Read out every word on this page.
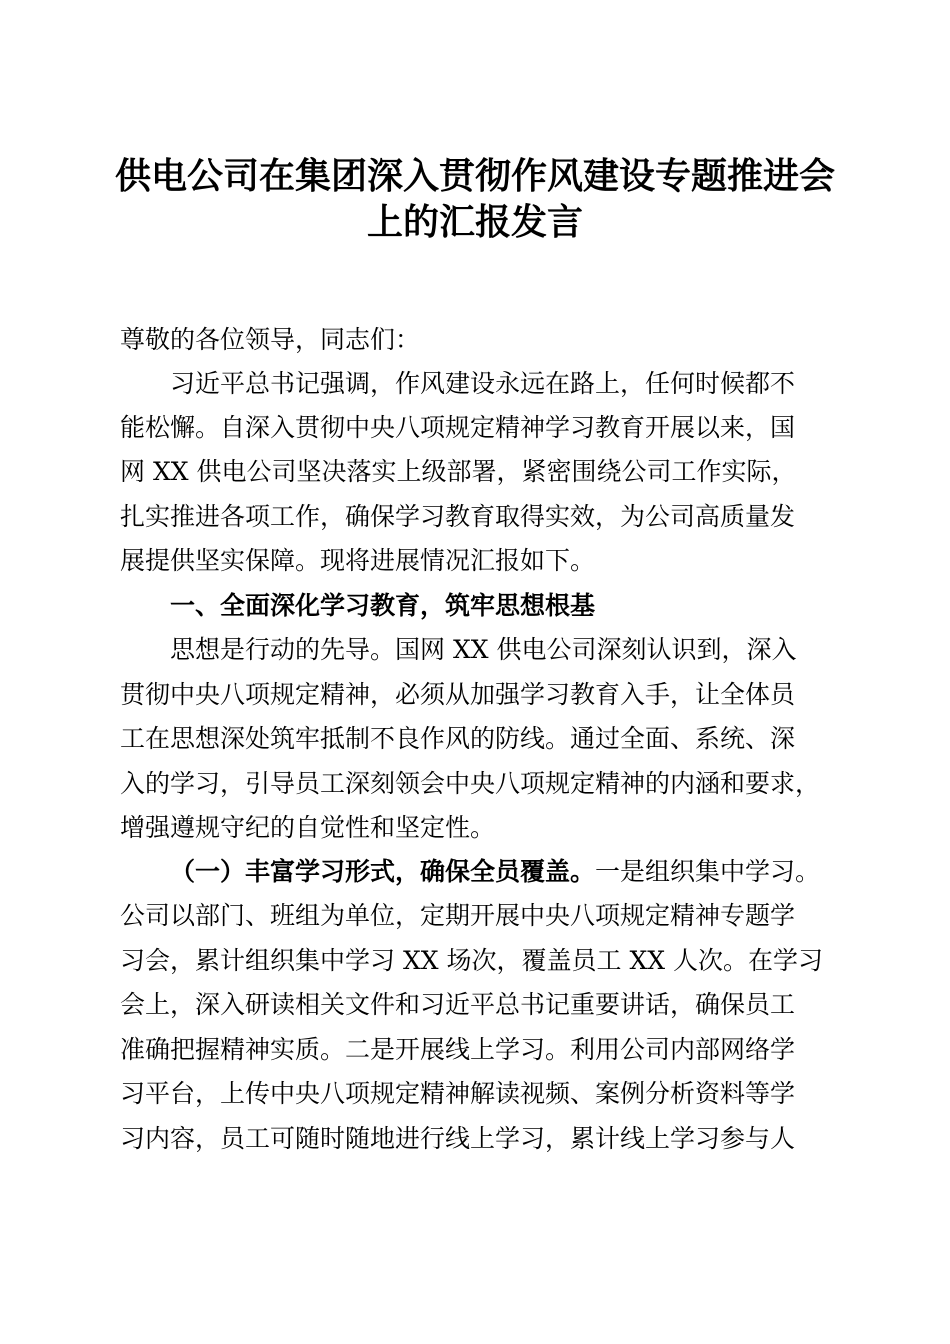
供电公司在集团深入贯彻作风建设专题推进会
上的汇报发言

尊敬的各位领导，同志们：

习近平总书记强调，作风建设永远在路上，任何时候都不

能松懈。自深入贯彻中央八项规定精神学习教育开展以来，国

网 XX 供电公司坚决落实上级部署，紧密围绕公司工作实际，

扎实推进各项工作，确保学习教育取得实效，为公司高质量发

展提供坚实保障。现将进展情况汇报如下。

一、全面深化学习教育，筑牢思想根基

思想是行动的先导。国网 XX 供电公司深刻认识到，深入

贯彻中央八项规定精神，必须从加强学习教育入手，让全体员

工在思想深处筑牢抵制不良作风的防线。通过全面、系统、深

入的学习，引导员工深刻领会中央八项规定精神的内涵和要求，

增强遵规守纪的自觉性和坚定性。

（一）丰富学习形式，确保全员覆盖。一是组织集中学习。

公司以部门、班组为单位，定期开展中央八项规定精神专题学

习会，累计组织集中学习 XX 场次，覆盖员工 XX 人次。在学习

会上，深入研读相关文件和习近平总书记重要讲话，确保员工

准确把握精神实质。二是开展线上学习。利用公司内部网络学

习平台，上传中央八项规定精神解读视频、案例分析资料等学

习内容，员工可随时随地进行线上学习，累计线上学习参与人
